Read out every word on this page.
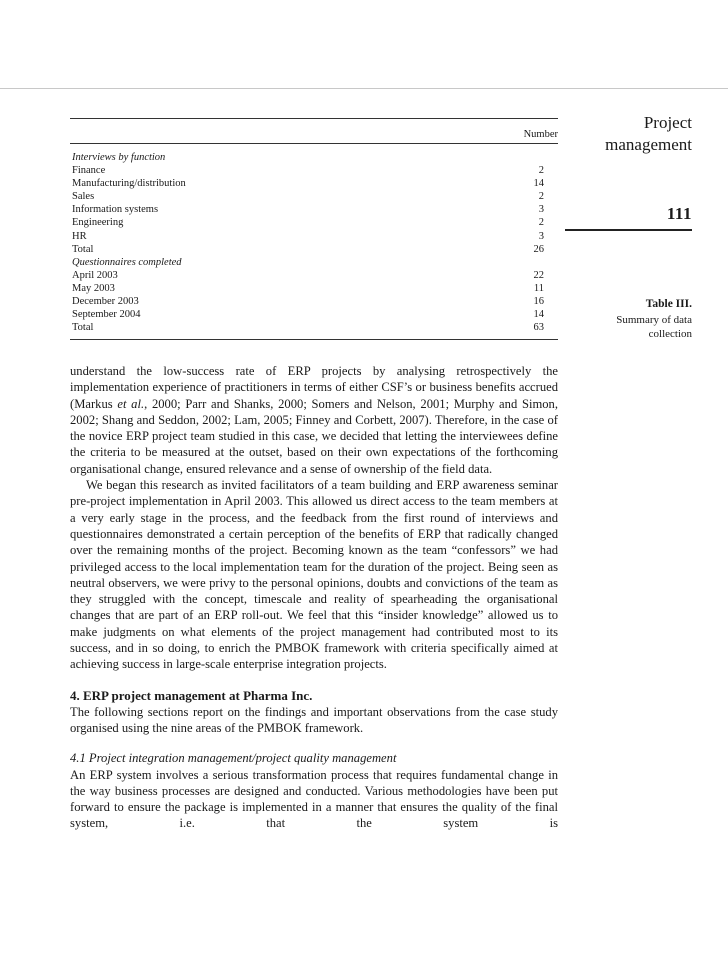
Number
Interviews by function
Finance	2
Manufacturing/distribution	14
Sales	2
Information systems	3
Engineering	2
HR	3
Total	26
Questionnaires completed
April 2003	22
May 2003	11
December 2003	16
September 2004	14
Total	63
Project
management
111
Table III.
Summary of data
collection

understand the low-success rate of ERP projects by analysing retrospectively the implementation experience of practitioners in terms of either CSF’s or business benefits accrued (Markus et al., 2000; Parr and Shanks, 2000; Somers and Nelson, 2001; Murphy and Simon, 2002; Shang and Seddon, 2002; Lam, 2005; Finney and Corbett, 2007). Therefore, in the case of the novice ERP project team studied in this case, we decided that letting the interviewees define the criteria to be measured at the outset, based on their own expectations of the forthcoming organisational change, ensured relevance and a sense of ownership of the field data.

We began this research as invited facilitators of a team building and ERP awareness seminar pre-project implementation in April 2003. This allowed us direct access to the team members at a very early stage in the process, and the feedback from the first round of interviews and questionnaires demonstrated a certain perception of the benefits of ERP that radically changed over the remaining months of the project. Becoming known as the team “confessors” we had privileged access to the local implementation team for the duration of the project. Being seen as neutral observers, we were privy to the personal opinions, doubts and convictions of the team as they struggled with the concept, timescale and reality of spearheading the organisational changes that are part of an ERP roll-out. We feel that this “insider knowledge” allowed us to make judgments on what elements of the project management had contributed most to its success, and in so doing, to enrich the PMBOK framework with criteria specifically aimed at achieving success in large-scale enterprise integration projects.

4. ERP project management at Pharma Inc.

The following sections report on the findings and important observations from the case study organised using the nine areas of the PMBOK framework.

4.1 Project integration management/project quality management

An ERP system involves a serious transformation process that requires fundamental change in the way business processes are designed and conducted. Various methodologies have been put forward to ensure the package is implemented in a manner that ensures the quality of the final system, i.e. that the system is
